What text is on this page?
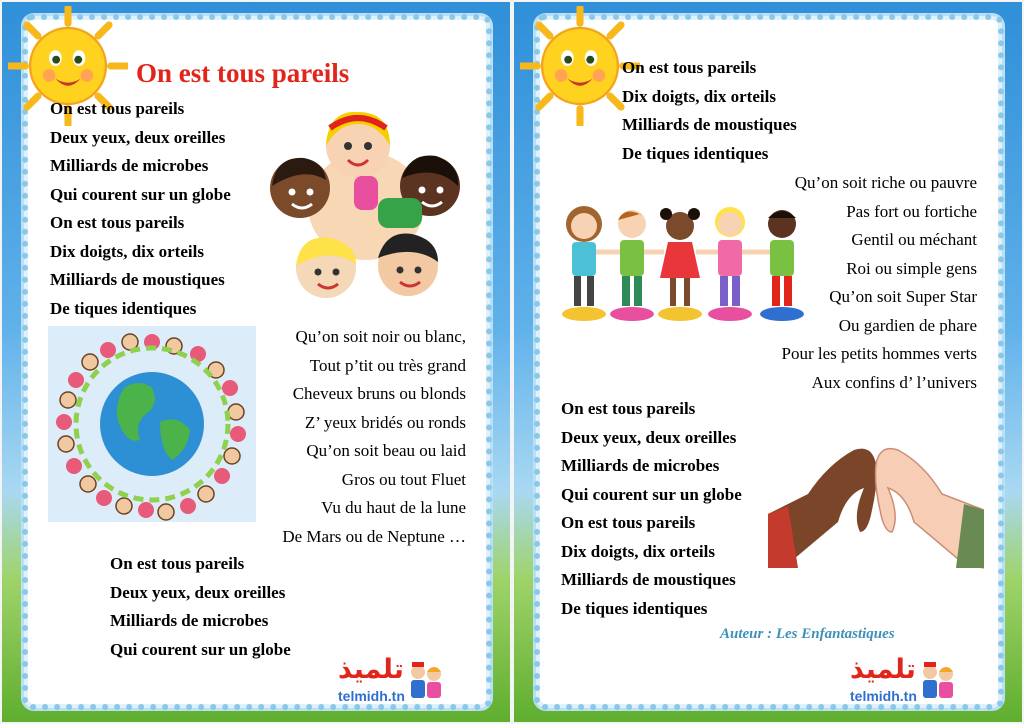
On est tous pareils
On est tous pareils
Deux yeux, deux oreilles
Milliards de microbes
Qui courent sur un globe
On est tous pareils
Dix doigts, dix orteils
Milliards de moustiques
De tiques identiques
Qu’on soit noir ou blanc,
Tout p’tit ou très grand
Cheveux bruns ou blonds
Z’ yeux bridés ou ronds
Qu’on soit beau ou laid
Gros ou tout Fluet
Vu du haut de la lune
De Mars ou de Neptune …
On est tous pareils
Deux yeux, deux oreilles
Milliards de microbes
Qui courent sur un globe
تلميذ
telmidh.tn
On est tous pareils
Dix doigts, dix orteils
Milliards de moustiques
De tiques identiques
Qu’on soit riche ou pauvre
Pas fort ou fortiche
Gentil ou méchant
Roi ou simple gens
Qu’on soit Super Star
Ou gardien de phare
Pour les petits hommes verts
Aux confins d’ l’univers
On est tous pareils
Deux yeux, deux oreilles
Milliards de microbes
Qui courent sur un globe
On est tous pareils
Dix doigts, dix orteils
Milliards de moustiques
De tiques identiques

Auteur : Les Enfantastiques

تلميذ
telmidh.tn
